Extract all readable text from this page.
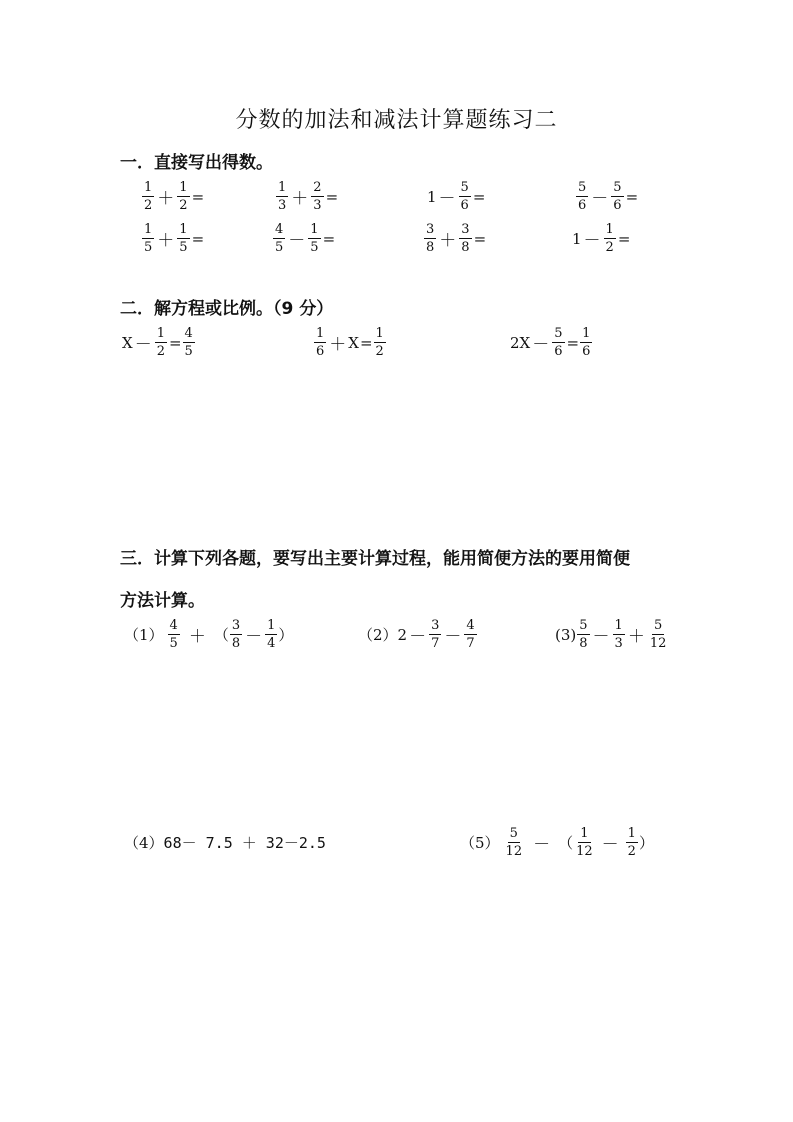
分数的加法和减法计算题练习二
一．直接写出得数。
$\frac{1}{2} + \frac{1}{2}$ =	$\frac{1}{3} + \frac{2}{3}$ =	$1 - \frac{5}{6}$ =	$\frac{5}{6} - \frac{5}{6}$ =
$\frac{1}{5} + \frac{1}{5}$ =	$\frac{4}{5} - \frac{1}{5}$ =	$\frac{3}{8} + \frac{3}{8}$ =	$1 - \frac{1}{2}$ =
二．解方程或比例。（9 分）
$X - \frac{1}{2} = \frac{4}{5}$	$\frac{1}{6} + X = \frac{1}{2}$	$2X - \frac{5}{6} = \frac{1}{6}$
三．计算下列各题，要写出主要计算过程，能用简便方法的要用简便
方法计算。
$(1) \frac{4}{5}$ ＋ （ $\frac{3}{8} - \frac{1}{4}$ ）	（2） $2 - \frac{3}{7} - \frac{4}{7}$	$(3) \frac{5}{8} - \frac{1}{3} + \frac{5}{12}$
（4） 68－ 7.5 ＋ 32－2.5	$(5) \frac{5}{12}$ － （ $\frac{1}{12} - \frac{1}{2}$ ）
